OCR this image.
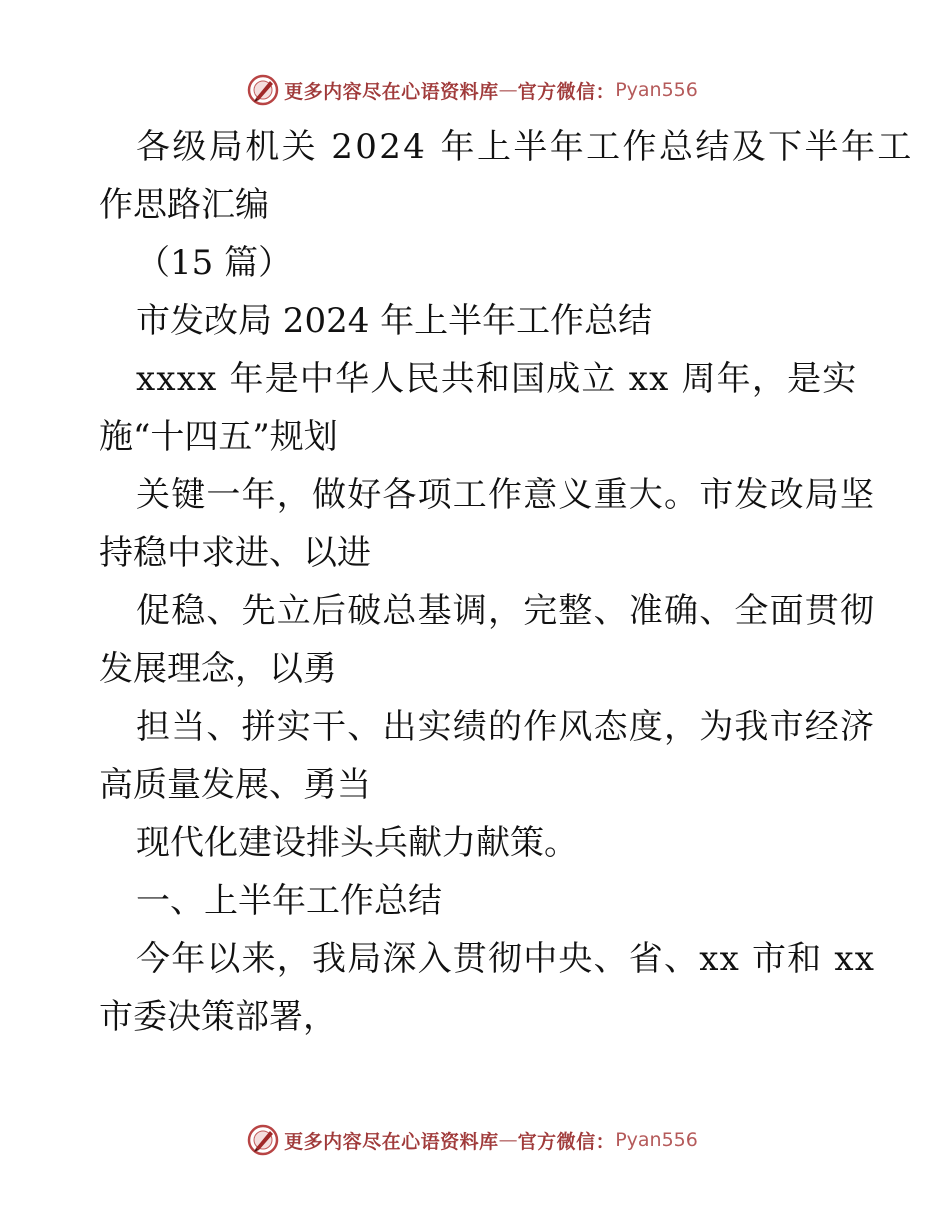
更多内容尽在心语资料库 — 官方微信： Pyan556
各级局机关 2024 年上半年工作总结及下半年工
作思路汇编
（15 篇）
市发改局 2024 年上半年工作总结
xxxx 年是中华人民共和国成立 xx 周年，是实
施“十四五”规划
关键一年，做好各项工作意义重大。市发改局坚
持稳中求进、以进
促稳、先立后破总基调，完整、准确、全面贯彻
发展理念，以勇
担当、拼实干、出实绩的作风态度，为我市经济
高质量发展、勇当
现代化建设排头兵献力献策。
一、上半年工作总结
今年以来，我局深入贯彻中央、省、xx 市和 xx
市委决策部署，
更多内容尽在心语资料库 — 官方微信： Pyan556
